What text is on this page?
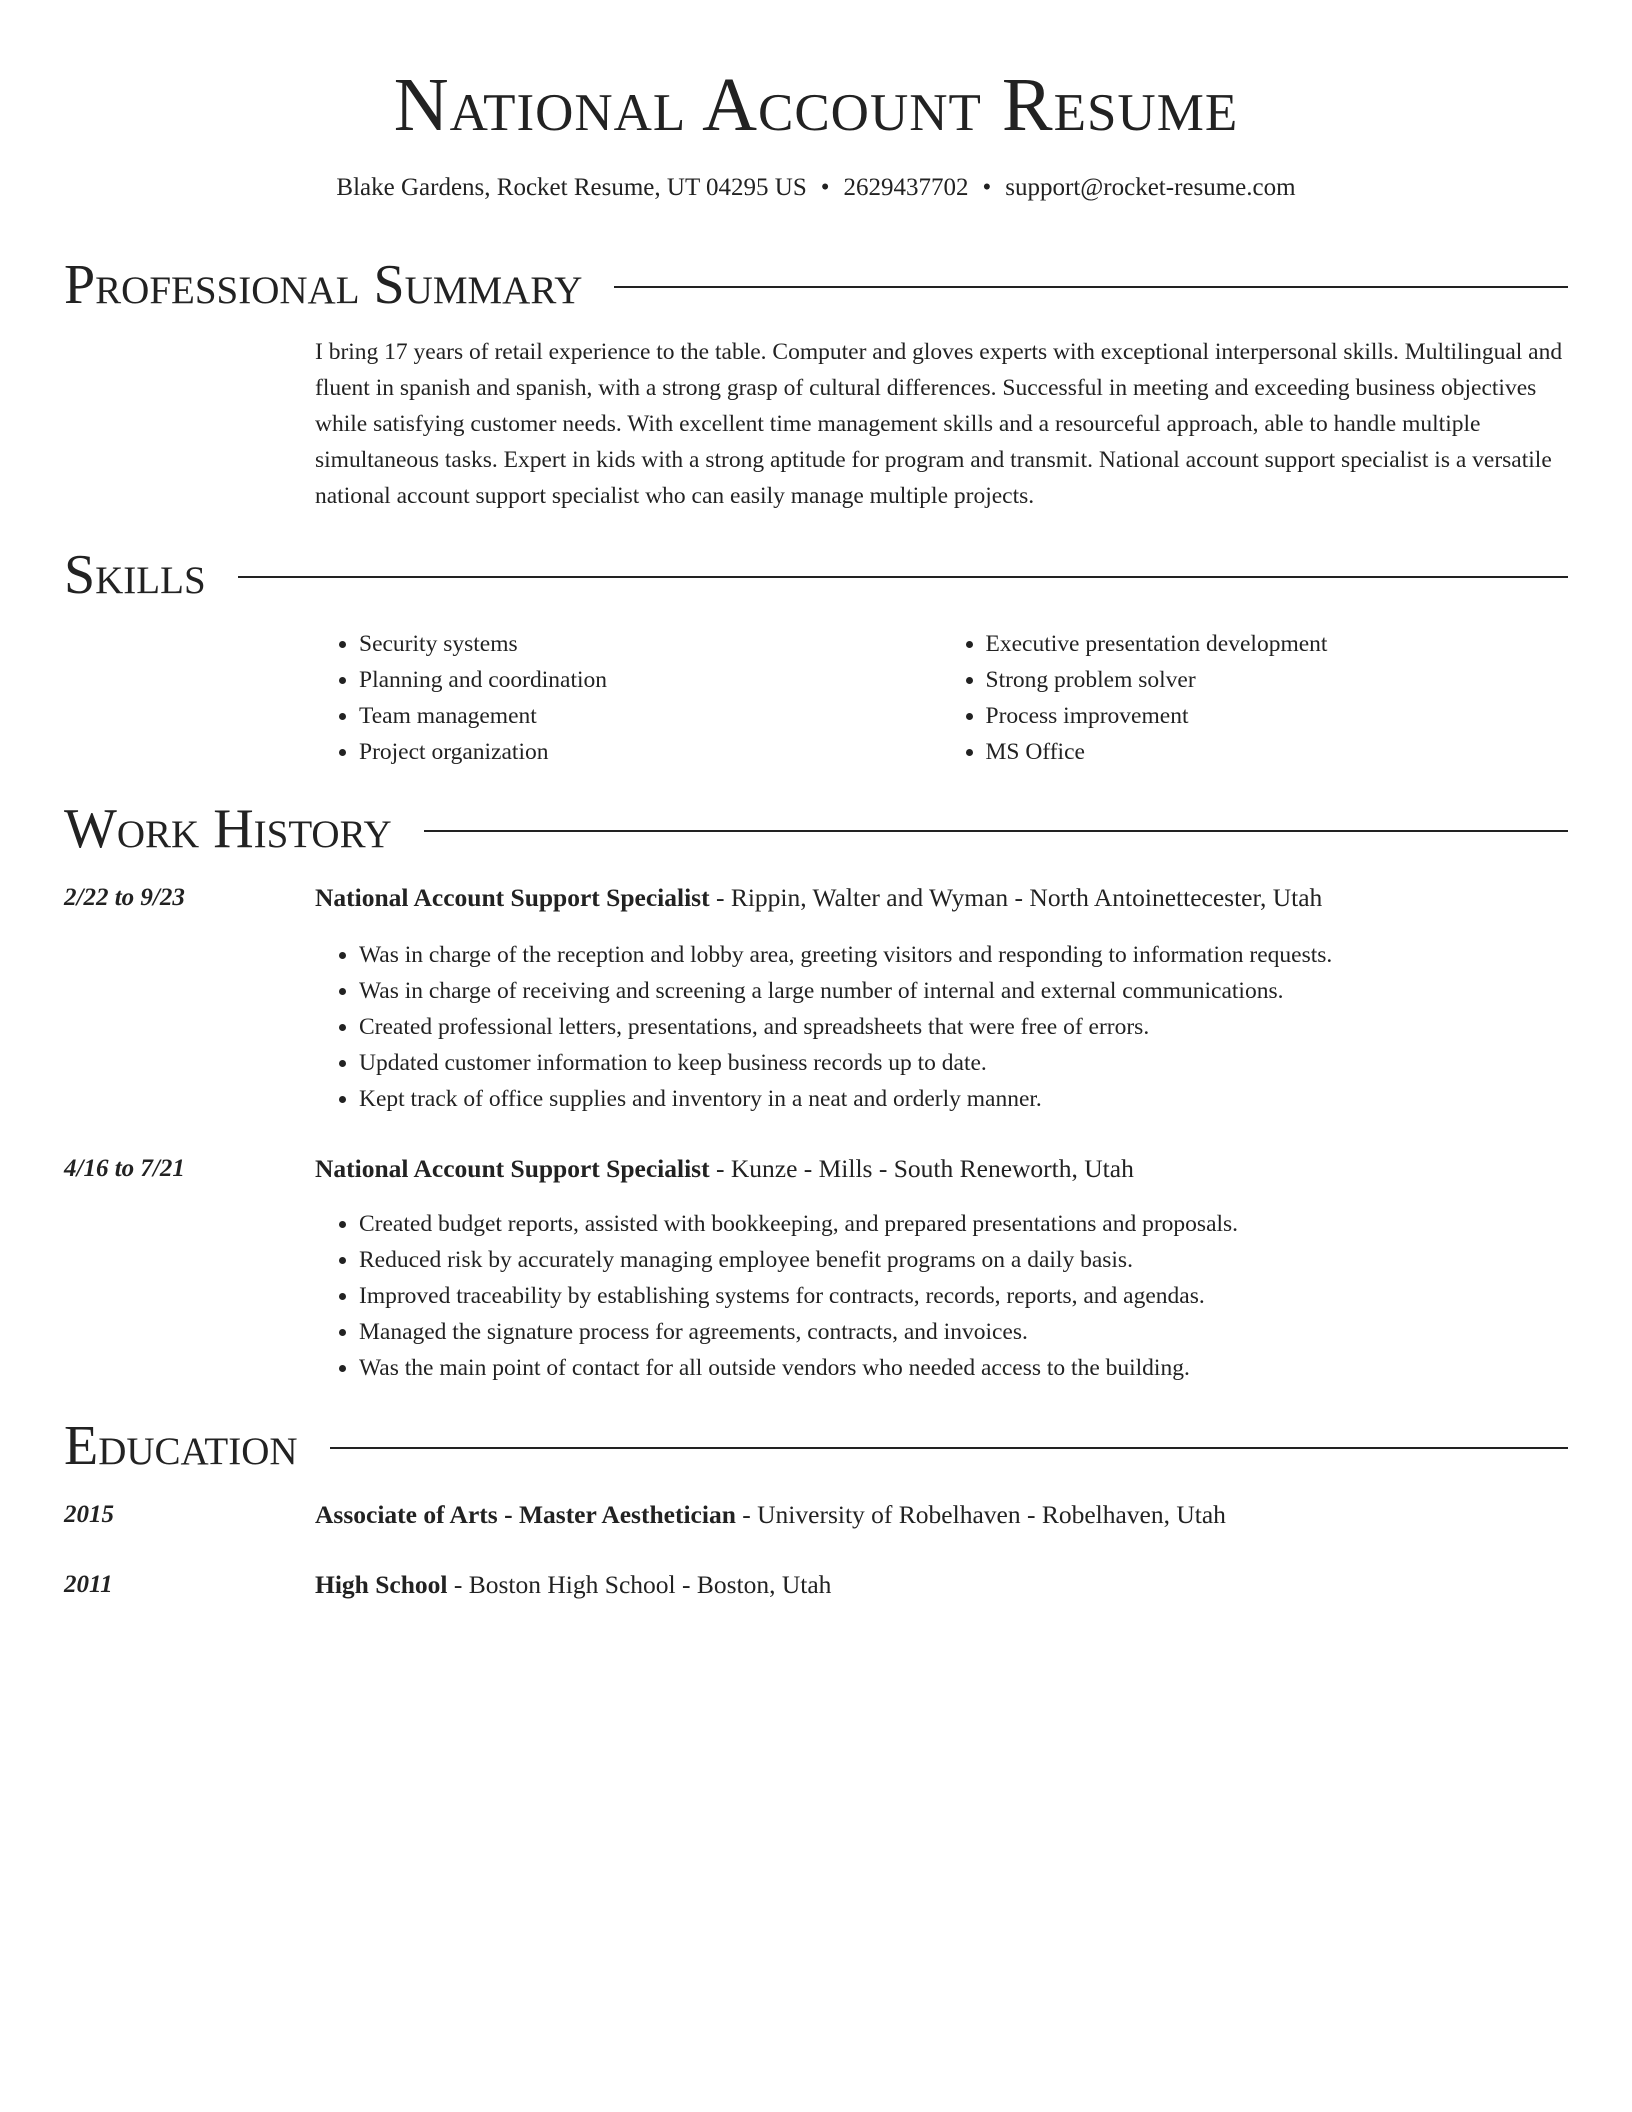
National Account Resume
Blake Gardens, Rocket Resume, UT 04295 US • 2629437702 • support@rocket-resume.com
Professional Summary

I bring 17 years of retail experience to the table. Computer and gloves experts with exceptional interpersonal skills. Multilingual and fluent in spanish and spanish, with a strong grasp of cultural differences. Successful in meeting and exceeding business objectives while satisfying customer needs. With excellent time management skills and a resourceful approach, able to handle multiple simultaneous tasks. Expert in kids with a strong aptitude for program and transmit. National account support specialist is a versatile national account support specialist who can easily manage multiple projects.

Skills
• Security systems
• Planning and coordination
• Team management
• Project organization
• Executive presentation development
• Strong problem solver
• Process improvement
• MS Office
Work History
2/22 to 9/23	National Account Support Specialist - Rippin, Walter and Wyman - North Antoinettecester, Utah
• Was in charge of the reception and lobby area, greeting visitors and responding to information requests.
• Was in charge of receiving and screening a large number of internal and external communications.
• Created professional letters, presentations, and spreadsheets that were free of errors.
• Updated customer information to keep business records up to date.
• Kept track of office supplies and inventory in a neat and orderly manner.
4/16 to 7/21	National Account Support Specialist - Kunze - Mills - South Reneworth, Utah
• Created budget reports, assisted with bookkeeping, and prepared presentations and proposals.
• Reduced risk by accurately managing employee benefit programs on a daily basis.
• Improved traceability by establishing systems for contracts, records, reports, and agendas.
• Managed the signature process for agreements, contracts, and invoices.
• Was the main point of contact for all outside vendors who needed access to the building.
Education
2015	Associate of Arts - Master Aesthetician - University of Robelhaven - Robelhaven, Utah
2011	High School - Boston High School - Boston, Utah
